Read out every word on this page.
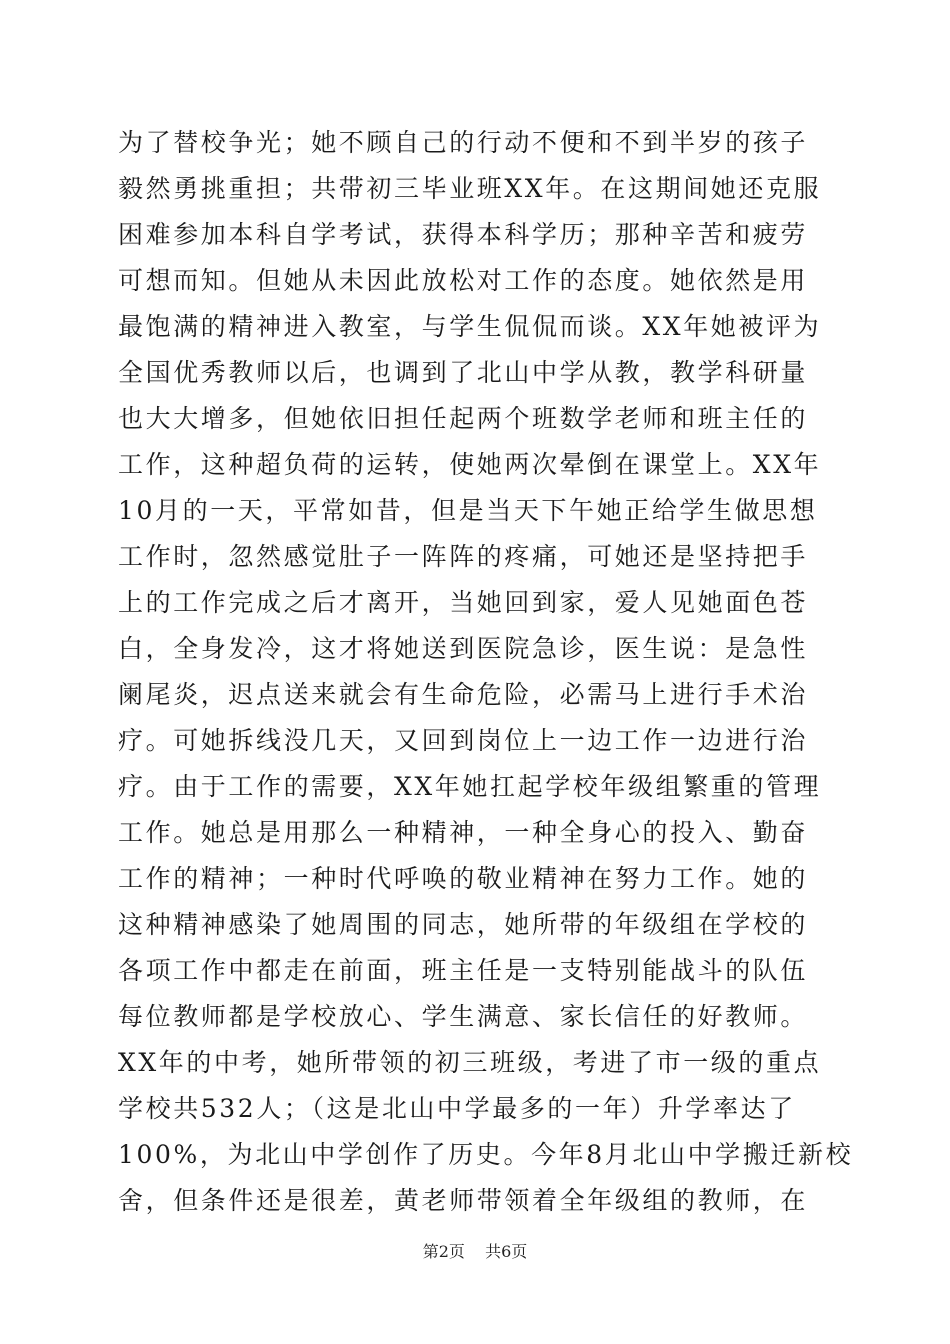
为了替校争光；她不顾自己的行动不便和不到半岁的孩子
毅然勇挑重担；共带初三毕业班XX年。在这期间她还克服
困难参加本科自学考试，获得本科学历；那种辛苦和疲劳
可想而知。但她从未因此放松对工作的态度。她依然是用
最饱满的精神进入教室，与学生侃侃而谈。XX年她被评为
全国优秀教师以后，也调到了北山中学从教，教学科研量
也大大增多，但她依旧担任起两个班数学老师和班主任的
工作，这种超负荷的运转，使她两次晕倒在课堂上。XX年
10月的一天，平常如昔，但是当天下午她正给学生做思想
工作时，忽然感觉肚子一阵阵的疼痛，可她还是坚持把手
上的工作完成之后才离开，当她回到家，爱人见她面色苍
白，全身发冷，这才将她送到医院急诊，医生说：是急性
阑尾炎，迟点送来就会有生命危险，必需马上进行手术治
疗。可她拆线没几天，又回到岗位上一边工作一边进行治
疗。由于工作的需要，XX年她扛起学校年级组繁重的管理
工作。她总是用那么一种精神，一种全身心的投入、勤奋
工作的精神；一种时代呼唤的敬业精神在努力工作。她的
这种精神感染了她周围的同志，她所带的年级组在学校的
各项工作中都走在前面，班主任是一支特别能战斗的队伍
每位教师都是学校放心、学生满意、家长信任的好教师。
XX年的中考，她所带领的初三班级，考进了市一级的重点
学校共532人；（这是北山中学最多的一年）升学率达了
100%，为北山中学创作了历史。今年8月北山中学搬迁新校
舍，但条件还是很差，黄老师带领着全年级组的教师，在
第2页 共6页
